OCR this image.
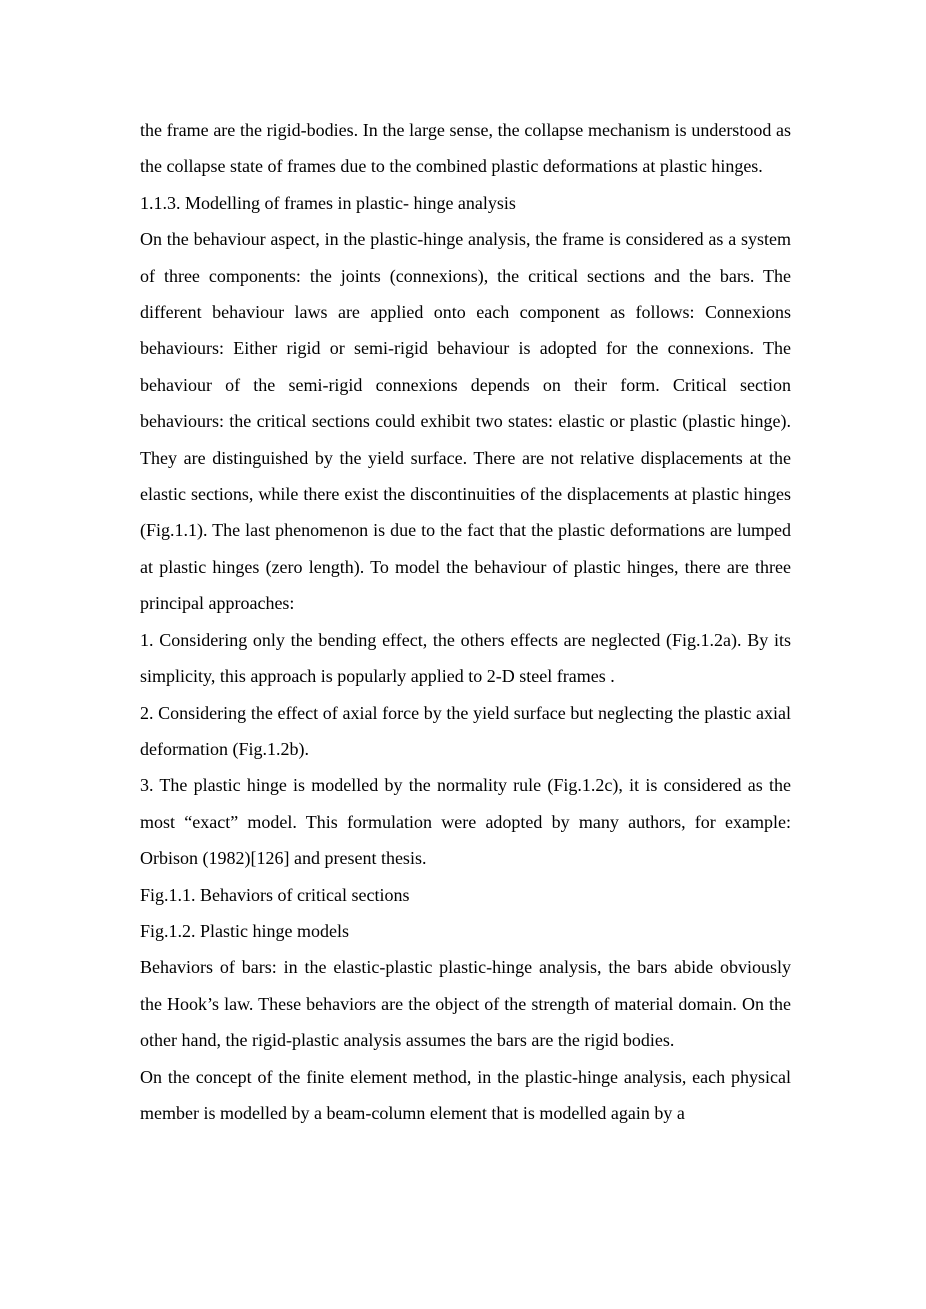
the frame are the rigid-bodies. In the large sense, the collapse mechanism is understood as the collapse state of frames due to the combined plastic deformations at plastic hinges.

1.1.3. Modelling of frames in plastic- hinge analysis

On the behaviour aspect, in the plastic-hinge analysis, the frame is considered as a system of three components: the joints (connexions), the critical sections and the bars. The different behaviour laws are applied onto each component as follows: Connexions behaviours: Either rigid or semi-rigid behaviour is adopted for the connexions. The behaviour of the semi-rigid connexions depends on their form. Critical section behaviours: the critical sections could exhibit two states: elastic or plastic (plastic hinge). They are distinguished by the yield surface. There are not relative displacements at the elastic sections, while there exist the discontinuities of the displacements at plastic hinges (Fig.1.1). The last phenomenon is due to the fact that the plastic deformations are lumped at plastic hinges (zero length). To model the behaviour of plastic hinges, there are three principal approaches:

1. Considering only the bending effect, the others effects are neglected (Fig.1.2a). By its simplicity, this approach is popularly applied to 2-D steel frames .

2. Considering the effect of axial force by the yield surface but neglecting the plastic axial deformation (Fig.1.2b).

3. The plastic hinge is modelled by the normality rule (Fig.1.2c), it is considered as the most “exact” model. This formulation were adopted by many authors, for example: Orbison (1982)[126] and present thesis.

Fig.1.1. Behaviors of critical sections

Fig.1.2. Plastic hinge models

Behaviors of bars: in the elastic-plastic plastic-hinge analysis, the bars abide obviously the Hook’s law. These behaviors are the object of the strength of material domain. On the other hand, the rigid-plastic analysis assumes the bars are the rigid bodies.

On the concept of the finite element method, in the plastic-hinge analysis, each physical member is modelled by a beam-column element that is modelled again by a
